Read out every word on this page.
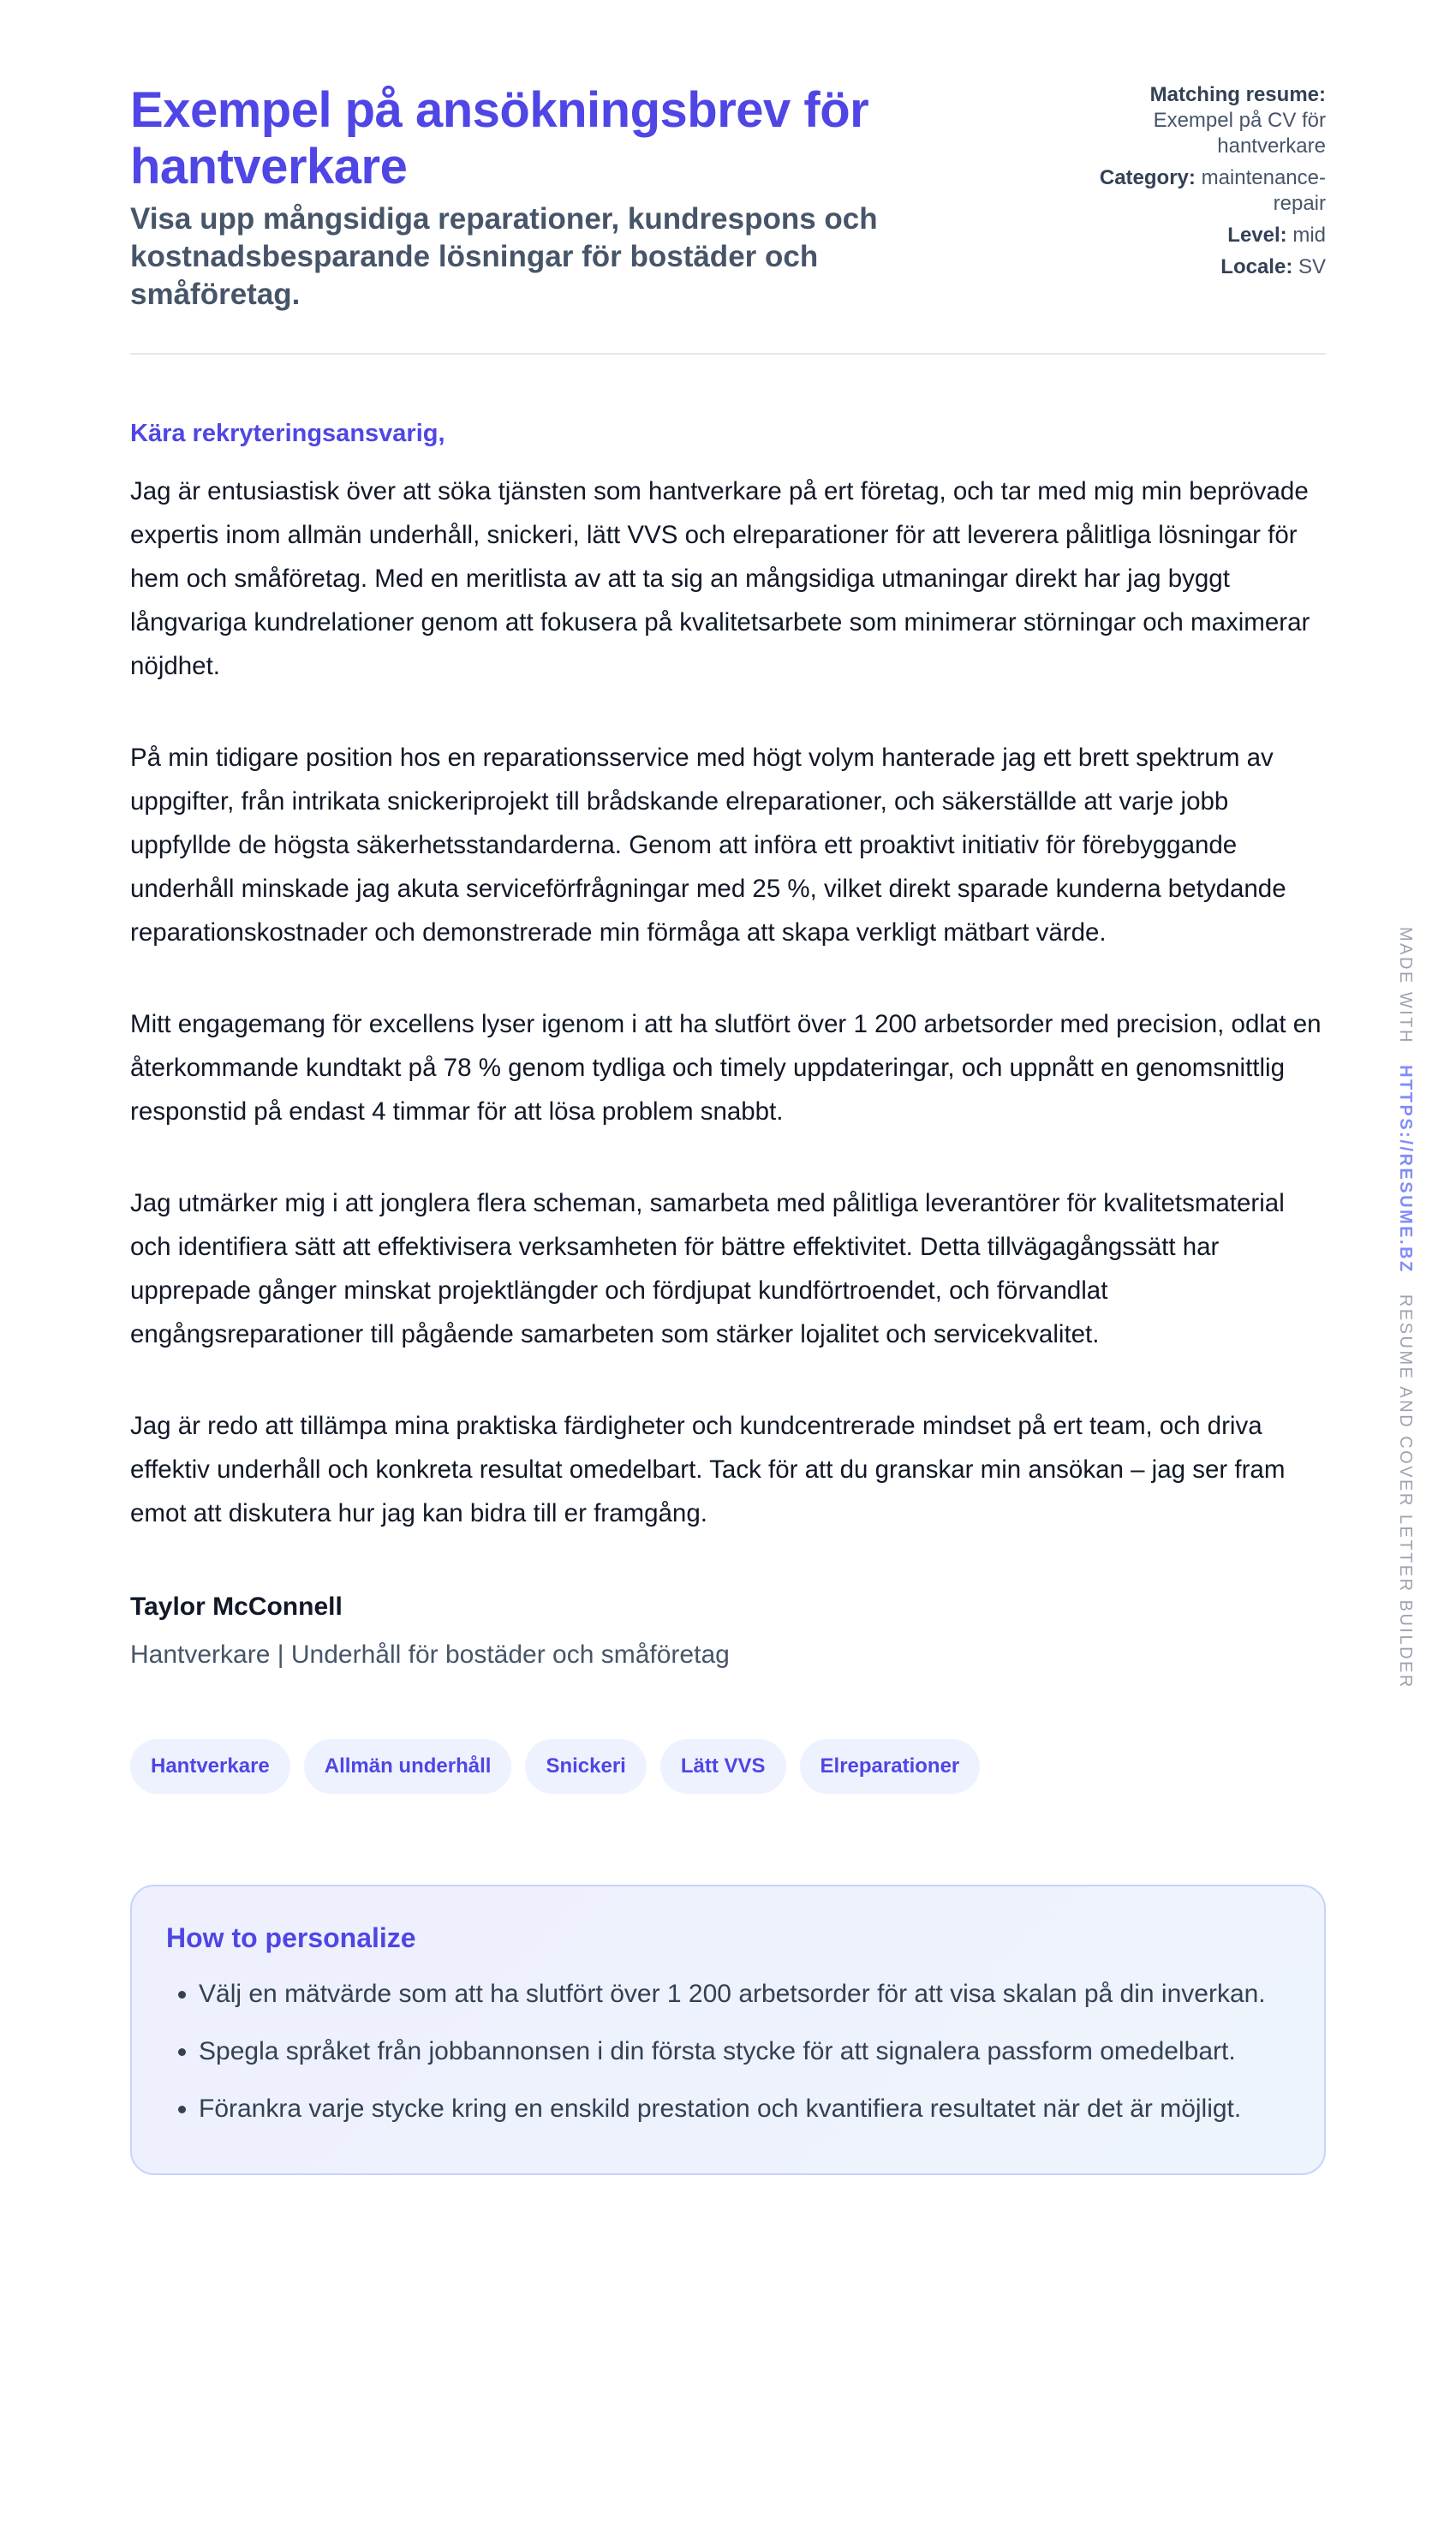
Exempel på ansökningsbrev för hantverkare

Visa upp mångsidiga reparationer, kundrespons och kostnadsbesparande lösningar för bostäder och småföretag.

Matching resume:
Exempel på CV för hantverkare
Category: maintenance-repair
Level: mid
Locale: SV
Kära rekryteringsansvarig,

Jag är entusiastisk över att söka tjänsten som hantverkare på ert företag, och tar med mig min beprövade expertis inom allmän underhåll, snickeri, lätt VVS och elreparationer för att leverera pålitliga lösningar för hem och småföretag. Med en meritlista av att ta sig an mångsidiga utmaningar direkt har jag byggt långvariga kundrelationer genom att fokusera på kvalitetsarbete som minimerar störningar och maximerar nöjdhet.

På min tidigare position hos en reparationsservice med högt volym hanterade jag ett brett spektrum av uppgifter, från intrikata snickeriprojekt till brådskande elreparationer, och säkerställde att varje jobb uppfyllde de högsta säkerhetsstandarderna. Genom att införa ett proaktivt initiativ för förebyggande underhåll minskade jag akuta serviceförfrågningar med 25 %, vilket direkt sparade kunderna betydande reparationskostnader och demonstrerade min förmåga att skapa verkligt mätbart värde.

Mitt engagemang för excellens lyser igenom i att ha slutfört över 1 200 arbetsorder med precision, odlat en återkommande kundtakt på 78 % genom tydliga och timely uppdateringar, och uppnått en genomsnittlig responstid på endast 4 timmar för att lösa problem snabbt.

Jag utmärker mig i att jonglera flera scheman, samarbeta med pålitliga leverantörer för kvalitetsmaterial och identifiera sätt att effektivisera verksamheten för bättre effektivitet. Detta tillvägagångssätt har upprepade gånger minskat projektlängder och fördjupat kundförtroendet, och förvandlat engångsreparationer till pågående samarbeten som stärker lojalitet och servicekvalitet.

Jag är redo att tillämpa mina praktiska färdigheter och kundcentrerade mindset på ert team, och driva effektiv underhåll och konkreta resultat omedelbart. Tack för att du granskar min ansökan – jag ser fram emot att diskutera hur jag kan bidra till er framgång.

Taylor McConnell
Hantverkare | Underhåll för bostäder och småföretag
Hantverkare	Allmän underhåll	Snickeri	Lätt VVS	Elreparationer
How to personalize
• Välj en mätvärde som att ha slutfört över 1 200 arbetsorder för att visa skalan på din inverkan.
• Spegla språket från jobbannonsen i din första stycke för att signalera passform omedelbart.
• Förankra varje stycke kring en enskild prestation och kvantifiera resultatet när det är möjligt.
MADE WITH   HTTPS://RESUME.BZ   RESUME AND COVER LETTER BUILDER
